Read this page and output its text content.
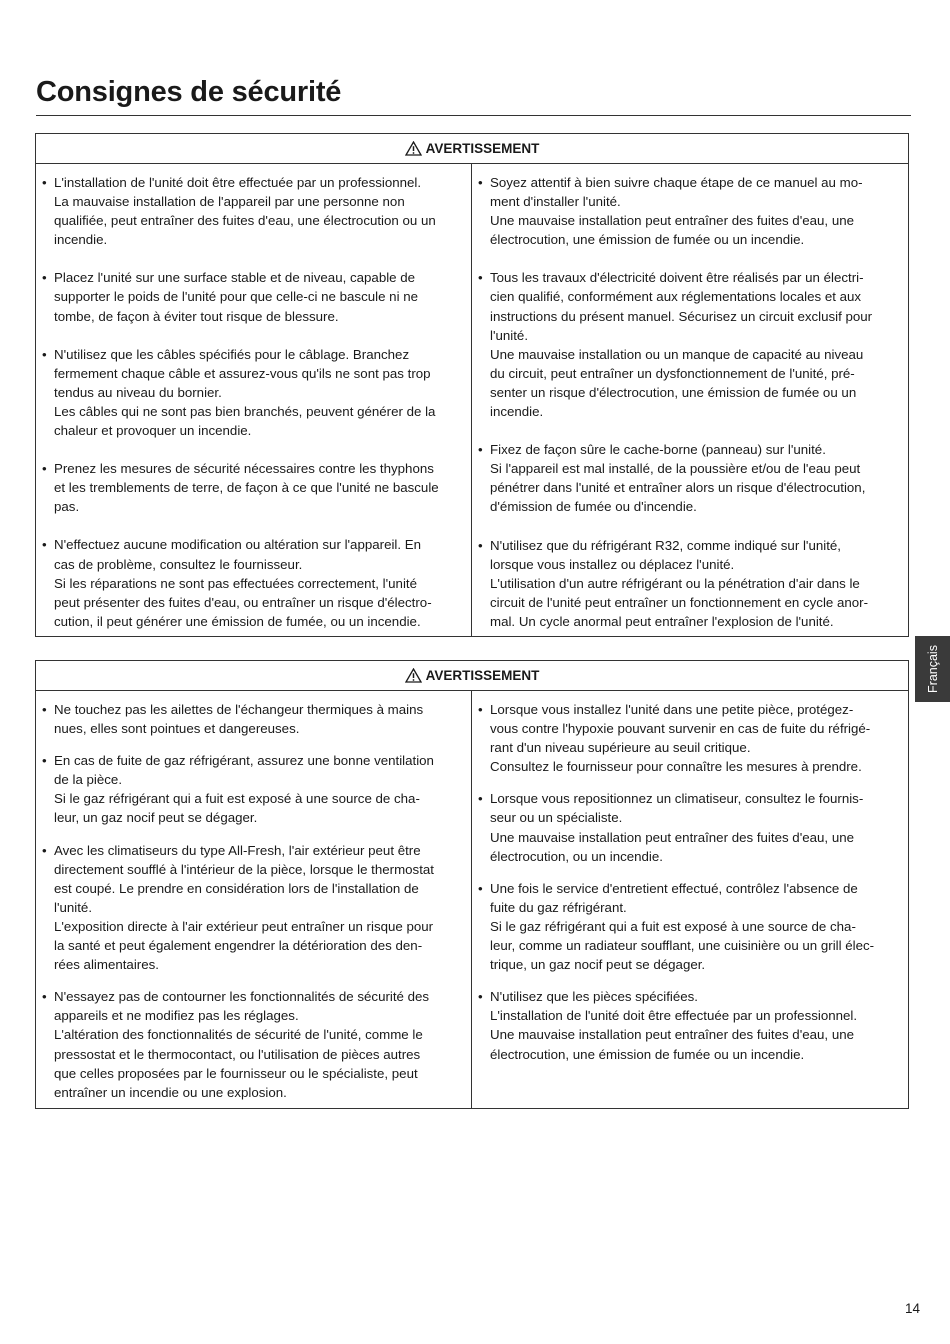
Consignes de sécurité
AVERTISSEMENT
• L'installation de l'unité doit être effectuée par un professionnel.
La mauvaise installation de l'appareil par une personne non
qualifiée, peut entraîner des fuites d'eau, une électrocution ou un
incendie.
• Placez l'unité sur une surface stable et de niveau, capable de
supporter le poids de l'unité pour que celle-ci ne bascule ni ne
tombe, de façon à éviter tout risque de blessure.
• N'utilisez que les câbles spécifiés pour le câblage. Branchez
fermement chaque câble et assurez-vous qu'ils ne sont pas trop
tendus au niveau du bornier.
Les câbles qui ne sont pas bien branchés, peuvent générer de la
chaleur et provoquer un incendie.
• Prenez les mesures de sécurité nécessaires contre les thyphons
et les tremblements de terre, de façon à ce que l'unité ne bascule
pas.
• N'effectuez aucune modification ou altération sur l'appareil. En
cas de problème, consultez le fournisseur.
Si les réparations ne sont pas effectuées correctement, l'unité
peut présenter des fuites d'eau, ou entraîner un risque d'électro-
cution, il peut générer une émission de fumée, ou un incendie.
• Soyez attentif à bien suivre chaque étape de ce manuel au mo-
ment d'installer l'unité.
Une mauvaise installation peut entraîner des fuites d'eau, une
électrocution, une émission de fumée ou un incendie.
• Tous les travaux d'électricité doivent être réalisés par un électri-
cien qualifié, conformément aux réglementations locales et aux
instructions du présent manuel. Sécurisez un circuit exclusif pour
l'unité.
Une mauvaise installation ou un manque de capacité au niveau
du circuit, peut entraîner un dysfonctionnement de l'unité, pré-
senter un risque d'électrocution, une émission de fumée ou un
incendie.
• Fixez de façon sûre le cache-borne (panneau) sur l'unité.
Si l'appareil est mal installé, de la poussière et/ou de l'eau peut
pénétrer dans l'unité et entraîner alors un risque d'électrocution,
d'émission de fumée ou d'incendie.
• N'utilisez que du réfrigérant R32, comme indiqué sur l'unité,
lorsque vous installez ou déplacez l'unité.
L'utilisation d'un autre réfrigérant ou la pénétration d'air dans le
circuit de l'unité peut entraîner un fonctionnement en cycle anor-
mal. Un cycle anormal peut entraîner l'explosion de l'unité.
AVERTISSEMENT
• Ne touchez pas les ailettes de l'échangeur thermiques à mains
nues, elles sont pointues et dangereuses.
• En cas de fuite de gaz réfrigérant, assurez une bonne ventilation
de la pièce.
Si le gaz réfrigérant qui a fuit est exposé à une source de cha-
leur, un gaz nocif peut se dégager.
• Avec les climatiseurs du type All-Fresh, l'air extérieur peut être
directement soufflé à l'intérieur de la pièce, lorsque le thermostat
est coupé. Le prendre en considération lors de l'installation de
l'unité.
L'exposition directe à l'air extérieur peut entraîner un risque pour
la santé et peut également engendrer la détérioration des den-
rées alimentaires.
• N'essayez pas de contourner les fonctionnalités de sécurité des
appareils et ne modifiez pas les réglages.
L'altération des fonctionnalités de sécurité de l'unité, comme le
pressostat et le thermocontact, ou l'utilisation de pièces autres
que celles proposées par le fournisseur ou le spécialiste, peut
entraîner un incendie ou une explosion.
• Lorsque vous installez l'unité dans une petite pièce, protégez-
vous contre l'hypoxie pouvant survenir en cas de fuite du réfrigé-
rant d'un niveau supérieure au seuil critique.
Consultez le fournisseur pour connaître les mesures à prendre.
• Lorsque vous repositionnez un climatiseur, consultez le fournis-
seur ou un spécialiste.
Une mauvaise installation peut entraîner des fuites d'eau, une
électrocution, ou un incendie.
• Une fois le service d'entretient effectué, contrôlez l'absence de
fuite du gaz réfrigérant.
Si le gaz réfrigérant qui a fuit est exposé à une source de cha-
leur, comme un radiateur soufflant, une cuisinière ou un grill élec-
trique, un gaz nocif peut se dégager.
• N'utilisez que les pièces spécifiées.
L'installation de l'unité doit être effectuée par un professionnel.
Une mauvaise installation peut entraîner des fuites d'eau, une
électrocution, une émission de fumée ou un incendie.
Français
14
